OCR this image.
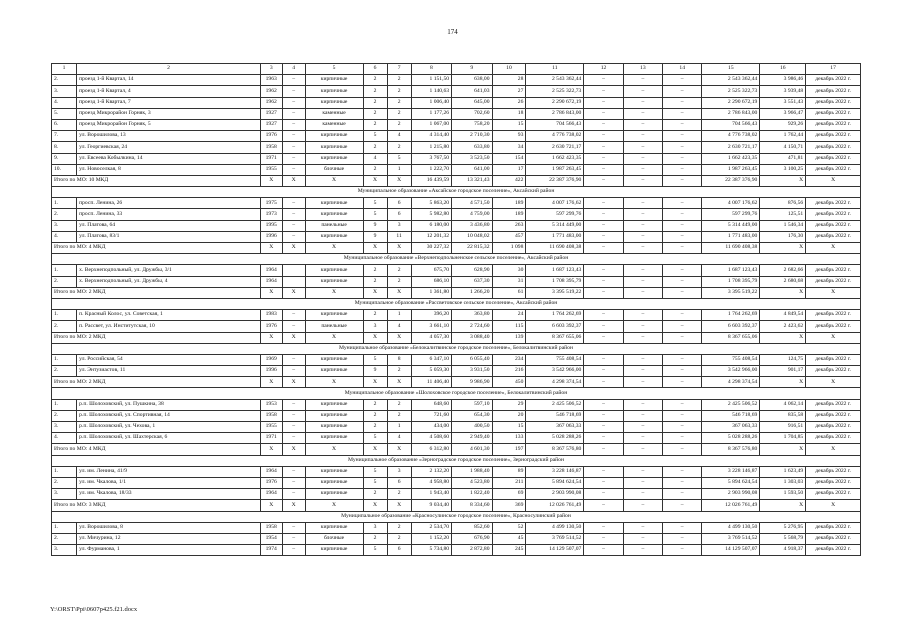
174
1	2	3	4	5	6	7	8	9	10	11	12	13	14	15	16	17
2.	проезд 1-й Квартал, 14	1963	–	кирпичные	2	2	1 151,50	638,00	28	2 543 362,44	–	–	–	2 543 362,44	3 986,46	декабрь 2022 г.
3.	проезд 1-й Квартал, 4	1962	–	кирпичные	2	2	1 140,63	641,03	27	2 525 322,73	–	–	–	2 525 322,73	3 939,48	декабрь 2022 г.
4.	проезд 1-й Квартал, 7	1962	–	кирпичные	2	2	1 006,40	645,00	26	2 290 672,19	–	–	–	2 290 672,19	3 551,43	декабрь 2022 г.
5.	проезд Микрорайон Горняк, 3	1927	–	каменные	2	2	1 177,26	702,60	18	2 786 843,00	–	–	–	2 786 843,00	3 966,47	декабрь 2022 г.
6.	проезд Микрорайон Горняк, 5	1927	–	каменные	2	2	1 067,00	758,20	15	704 566,43	–	–	–	704 566,43	929,26	декабрь 2022 г.
7.	ул. Ворошилова, 13	1976	–	кирпичные	5	4	4 314,40	2 710,30	93	4 776 738,02	–	–	–	4 776 738,02	1 762,44	декабрь 2022 г.
8.	ул. Георгиевская, 24	1958	–	кирпичные	2	2	1 215,80	633,80	34	2 630 721,17	–	–	–	2 630 721,17	4 150,71	декабрь 2022 г.
9.	ул. Евсеева Кобылкина, 14	1971	–	кирпичные	4	5	3 767,50	3 523,50	154	1 662 423,35	–	–	–	1 662 423,35	471,81	декабрь 2022 г.
10.	ул. Новоселкая, 8	1955	–	блочные	2	1	1 222,70	641,00	17	1 987 263,45	–	–	–	1 987 263,45	3 100,25	декабрь 2022 г.
Итого по МО: 10 МКД		X	X	X	X	X	16 439,59	13 321,43	422	22 387 376,90	–	–	–	22 387 376,90	X	X
Муниципальное образование «Аксайское городское поселение», Аксайский район																
1.	просп. Ленина, 26	1975	–	кирпичные	5	6	5 863,20	4 571,50	189	4 007 176,62	–	–	–	4 007 176,62	876,56	декабрь 2022 г.
2.	просп. Ленина, 33	1973	–	кирпичные	5	6	5 982,80	4 759,00	189	597 299,76	–	–	–	597 299,76	125,51	декабрь 2022 г.
3.	ул. Платова, 64	1995	–	панельные	9	3	6 180,00	3 436,80	263	5 314 449,00	–	–	–	5 314 449,00	1 546,34	декабрь 2022 г.
4.	ул. Платова, 83/1	1996	–	кирпичные	9	11	12 201,32	10 048,02	457	1 771 483,00	–	–	–	1 771 483,00	176,30	декабрь 2022 г.
Итого по МО: 4 МКД		X	X	X	X	X	30 227,32	22 815,32	1 098	11 690 408,38	–	–	–	11 690 408,38	X	X
Муниципальное образование «Верхнеподпольненское сельское поселение», Аксайский район																
1.	х. Верхнеподпольный, ул. Дружбы, 3/1	1964		кирпичные	2	2	675,70	628,90	30	1 687 123,43	–	–	–	1 687 123,43	2 682,66	декабрь 2022 г.
2.	х. Верхнеподпольный, ул. Дружбы, 4	1964		кирпичные	2	2	686,10	637,30	31	1 708 395,79	–	–	–	1 708 395,79	2 680,68	декабрь 2022 г.
Итого по МО: 2 МКД		X	X	X	X	X	1 361,80	1 266,20	61	3 395 519,22	–	–	–	3 395 519,22	X	X
Муниципальное образование «Рассветовское сельское поселение», Аксайский район																
1.	п. Красный Колос, ул. Советская, 1	1983	–	кирпичные	2	1	396,20	363,80	24	1 764 262,69	–	–	–	1 764 262,69	4 849,54	декабрь 2022 г.
2.	п. Рассвет, ул. Институтская, 10	1976	–	панельные	3	4	3 661,10	2 724,60	115	6 603 392,37	–	–	–	6 603 392,37	2 423,62	декабрь 2022 г.
Итого по МО: 2 МКД		X	X	X	X	X	4 057,30	3 088,40	139	8 367 655,06	–	–	–	8 367 655,06	X	X
Муниципальное образование «Белокалитвинское городское поселение», Белокалитвинский район																
1.	ул. Российская, 54	1969	–	кирпичные	5	8	6 347,10	6 055,40	234	755 408,54	–	–	–	755 408,54	124,75	декабрь 2022 г.
2.	ул. Энтузиастов, 11	1996	–	кирпичные	9	2	5 059,30	3 931,50	216	3 542 966,00	–	–	–	3 542 966,00	901,17	декабрь 2022 г.
Итого по МО: 2 МКД		X	X	X	X	X	11 406,40	9 986,90	450	4 298 374,54	–	–	–	4 298 374,54	X	X
Муниципальное образование «Шолоховское городское поселение», Белокалитвинский район																
1.	р.п. Шолоховский, ул. Пушкина, 38	1953	–	кирпичные	2	2	648,60	597,10	29	2 425 506,52	–	–	–	2 425 506,52	4 062,14	декабрь 2022 г.
2.	р.п. Шолоховский, ул. Спортивная, 14	1958	–	кирпичные	2	2	721,60	654,30	20	546 718,69	–	–	–	546 718,69	835,58	декабрь 2022 г.
3.	р.п. Шолоховский, ул. Чехова, 1	1955	–	кирпичные	2	1	434,00	400,50	15	367 063,33	–	–	–	367 063,33	916,51	декабрь 2022 г.
4.	р.п. Шолоховский, ул. Шахтерская, 6	1971	–	кирпичные	5	4	4 508,60	2 949,40	133	5 028 288,26	–	–	–	5 028 288,26	1 704,85	декабрь 2022 г.
Итого по МО: 4 МКД		X	X	X	X	X	6 312,80	4 601,30	197	8 367 576,80	–	–	–	8 367 576,80	X	X
Муниципальное образование «Зерноградское городское поселение», Зерноградский район																
1.	ул. им. Ленина, 41/9	1964	–	кирпичные	5	3	2 132,20	1 988,40	89	3 228 146,87	–	–	–	3 228 146,87	1 623,49	декабрь 2022 г.
2.	ул. им. Чкалова, 1/1	1976	–	кирпичные	5	6	4 958,80	4 523,80	211	5 894 624,54	–	–	–	5 894 624,54	1 303,03	декабрь 2022 г.
3.	ул. им. Чкалова, 18/33	1964	–	кирпичные	2	2	1 943,40	1 822,40	69	2 903 990,08	–	–	–	2 903 990,08	1 593,50	декабрь 2022 г.
Итого по МО: 3 МКД		X	X	X	X	X	9 034,40	8 334,60	369	12 026 761,49	–	–	–	12 026 761,49	X	X
Муниципальное образование «Красносулинское городское поселение», Красносулинский район																
1.	ул. Ворошилова, 8	1958	–	кирпичные	3	2	2 534,70	852,60	52	4 499 130,50	–	–	–	4 499 130,50	5 276,95	декабрь 2022 г.
2.	ул. Мичурина, 12	1954	–	блочные	2	2	1 152,20	676,90	45	3 769 514,52	–	–	–	3 769 514,52	5 568,79	декабрь 2022 г.
3.	ул. Фурманова, 1	1974	–	кирпичные	5	6	5 734,80	2 872,80	245	14 129 507,07	–	–	–	14 129 507,07	4 918,37	декабрь 2022 г.
Y:\ORST\Ppi\0607p425.f21.docx
